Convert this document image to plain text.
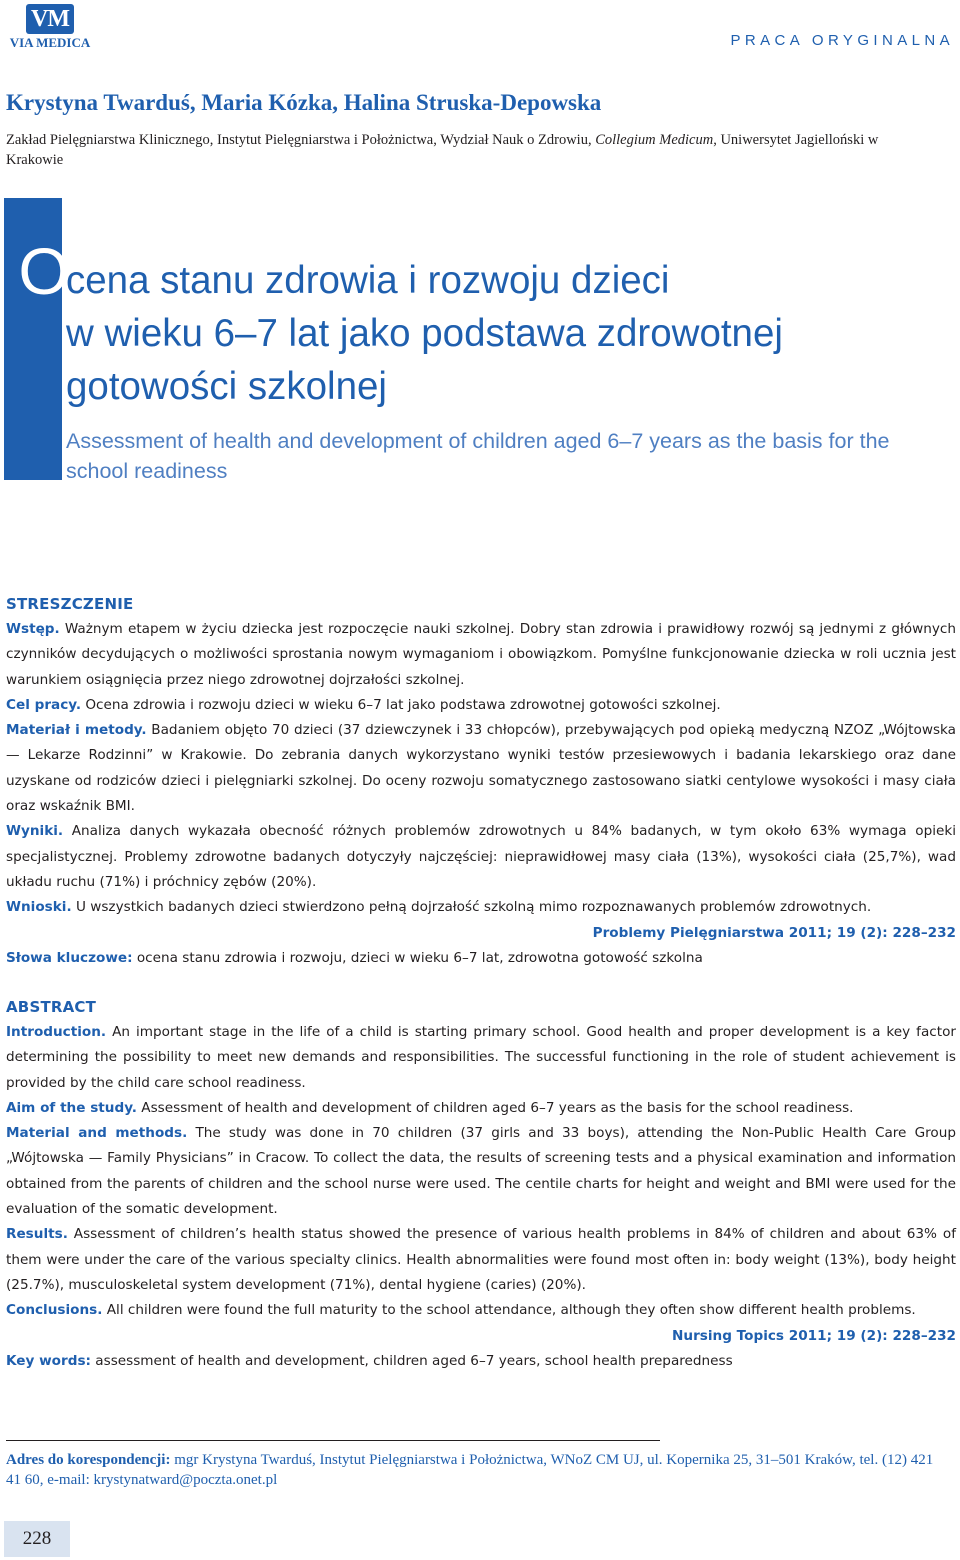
VM
VIA MEDICA	PRACA ORYGINALNA
Krystyna Twarduś, Maria Kózka, Halina Struska-Depowska
Zakład Pielęgniarstwa Klinicznego, Instytut Pielęgniarstwa i Położnictwa, Wydział Nauk o Zdrowiu, Collegium Medicum, Uniwersytet Jagielloński w Krakowie
O
cena stanu zdrowia i rozwoju dzieci
w wieku 6–7 lat jako podstawa zdrowotnej
gotowości szkolnej
Assessment of health and development of children aged 6–7 years as the basis for the school readiness
STRESZCZENIE

Wstęp. Ważnym etapem w życiu dziecka jest rozpoczęcie nauki szkolnej. Dobry stan zdrowia i prawidłowy rozwój są jednymi z głównych czynników decydujących o możliwości sprostania nowym wymaganiom i obowiązkom. Pomyślne funkcjonowanie dziecka w roli ucznia jest warunkiem osiągnięcia przez niego zdrowotnej dojrzałości szkolnej.

Cel pracy. Ocena zdrowia i rozwoju dzieci w wieku 6–7 lat jako podstawa zdrowotnej gotowości szkolnej.

Materiał i metody. Badaniem objęto 70 dzieci (37 dziewczynek i 33 chłopców), przebywających pod opieką medyczną NZOZ „Wójtowska — Lekarze Rodzinni” w Krakowie. Do zebrania danych wykorzystano wyniki testów przesiewowych i badania lekarskiego oraz dane uzyskane od rodziców dzieci i pielęgniarki szkolnej. Do oceny rozwoju somatycznego zastosowano siatki centylowe wysokości i masy ciała oraz wskaźnik BMI.

Wyniki. Analiza danych wykazała obecność różnych problemów zdrowotnych u 84% badanych, w tym około 63% wymaga opieki specjalistycznej. Problemy zdrowotne badanych dotyczyły najczęściej: nieprawidłowej masy ciała (13%), wysokości ciała (25,7%), wad układu ruchu (71%) i próchnicy zębów (20%).

Wnioski. U wszystkich badanych dzieci stwierdzono pełną dojrzałość szkolną mimo rozpoznawanych problemów zdrowotnych.

Problemy Pielęgniarstwa 2011; 19 (2): 228–232

Słowa kluczowe: ocena stanu zdrowia i rozwoju, dzieci w wieku 6–7 lat, zdrowotna gotowość szkolna

ABSTRACT

Introduction. An important stage in the life of a child is starting primary school. Good health and proper development is a key factor determining the possibility to meet new demands and responsibilities. The successful functioning in the role of student achievement is provided by the child care school readiness.

Aim of the study. Assessment of health and development of children aged 6–7 years as the basis for the school readiness.

Material and methods. The study was done in 70 children (37 girls and 33 boys), attending the Non-Public Health Care Group „Wójtowska — Family Physicians” in Cracow. To collect the data, the results of screening tests and a physical examination and information obtained from the parents of children and the school nurse were used. The centile charts for height and weight and BMI were used for the evaluation of the somatic development.

Results. Assessment of children’s health status showed the presence of various health problems in 84% of children and about 63% of them were under the care of the various specialty clinics. Health abnormalities were found most often in: body weight (13%), body height (25.7%), musculoskeletal system development (71%), dental hygiene (caries) (20%).

Conclusions. All children were found the full maturity to the school attendance, although they often show different health problems.

Nursing Topics 2011; 19 (2): 228–232

Key words: assessment of health and development, children aged 6–7 years, school health preparedness

Adres do korespondencji: mgr Krystyna Twarduś, Instytut Pielęgniarstwa i Położnictwa, WNoZ CM UJ, ul. Kopernika 25, 31–501 Kraków, tel. (12) 421 41 60, e-mail: krystynatward@poczta.onet.pl
228
